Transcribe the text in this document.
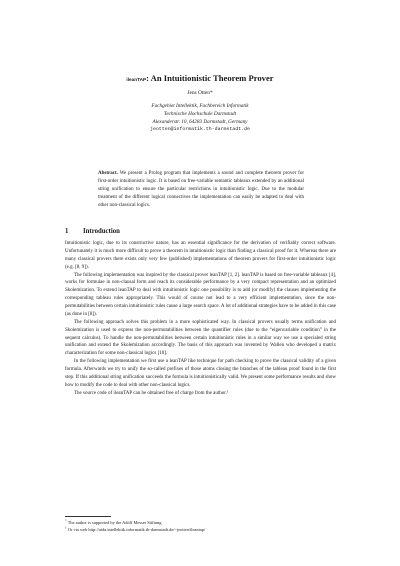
ileanTAP: An Intuitionistic Theorem Prover
Jens Otten*
Fachgebiet Intellektik, Fachbereich Informatik
Technische Hochschule Darmstadt
Alexanderstr. 10, 64283 Darmstadt, Germany
jeotten@informatik.th-darmstadt.de
Abstract. We present a Prolog program that implements a sound and complete theorem prover for first-order intuitionistic logic. It is based on free-variable semantic tableaux extended by an additional string unification to ensure the particular restrictions in intuitionistic logic. Due to the modular treatment of the different logical connectives the implementation can easily be adapted to deal with other non-classical logics.
1 Introduction

Intuitionistic logic, due to its constructive nature, has an essential significance for the derivation of verifiably correct software. Unfortunately it is much more difficult to prove a theorem in intuitionistic logic than finding a classical proof for it. Whereas there are many classical provers there exists only very few (published) implementations of theorem provers for first-order intuitionistic logic (e.g. [8, 9]).

The following implementation was inspired by the classical prover leanTAP [1, 2]. leanTAP is based on free-variable tableaux [4], works for formulae in non-clausal form and reach its considerable performance by a very compact representation and an optimized Skolemization. To extend leanTAP to deal with intuitionistic logic one possibility is to add (or modify) the clauses implementing the corresponding tableau rules appropriately. This would of course not lead to a very efficient implementation, since the non-permutabilities between certain intuitionistic rules cause a large search space. A lot of additional strategies have to be added in this case (as done in [8]).

The following approach solves this problem in a more sophisticated way. In classical provers usually terms unification and Skolemization is used to express the non-permutabilities between the quantifier rules (due to the “eigenvariable condition” in the sequent calculus). To handle the non-permutabilities between certain intuitionistic rules in a similar way we use a specialed string unification and extend the Skolemization accordingly. The basis of this approach was invented by Wallen who developed a matrix characterization for some non-classical logics [10].

In the following implementation we first use a leanTAP like technique for path checking to prove the classical validity of a given formula. Afterwards we try to unify the so-called prefixes of those atoms closing the branches of the tableau proof found in the first step. If this additional string unification succeeds the formula is intuitionistically valid. We present some performance results and show how to modify the code to deal with other non-classical logics.

The source code of ileanTAP can be obtained free of charge from the author.¹

* The author is supported by the Adölf Messer Stiftung
$^1$ Or via web http://aida.intellektik.informatik.th-darmstadt.de/~jeotten/ileantap/
